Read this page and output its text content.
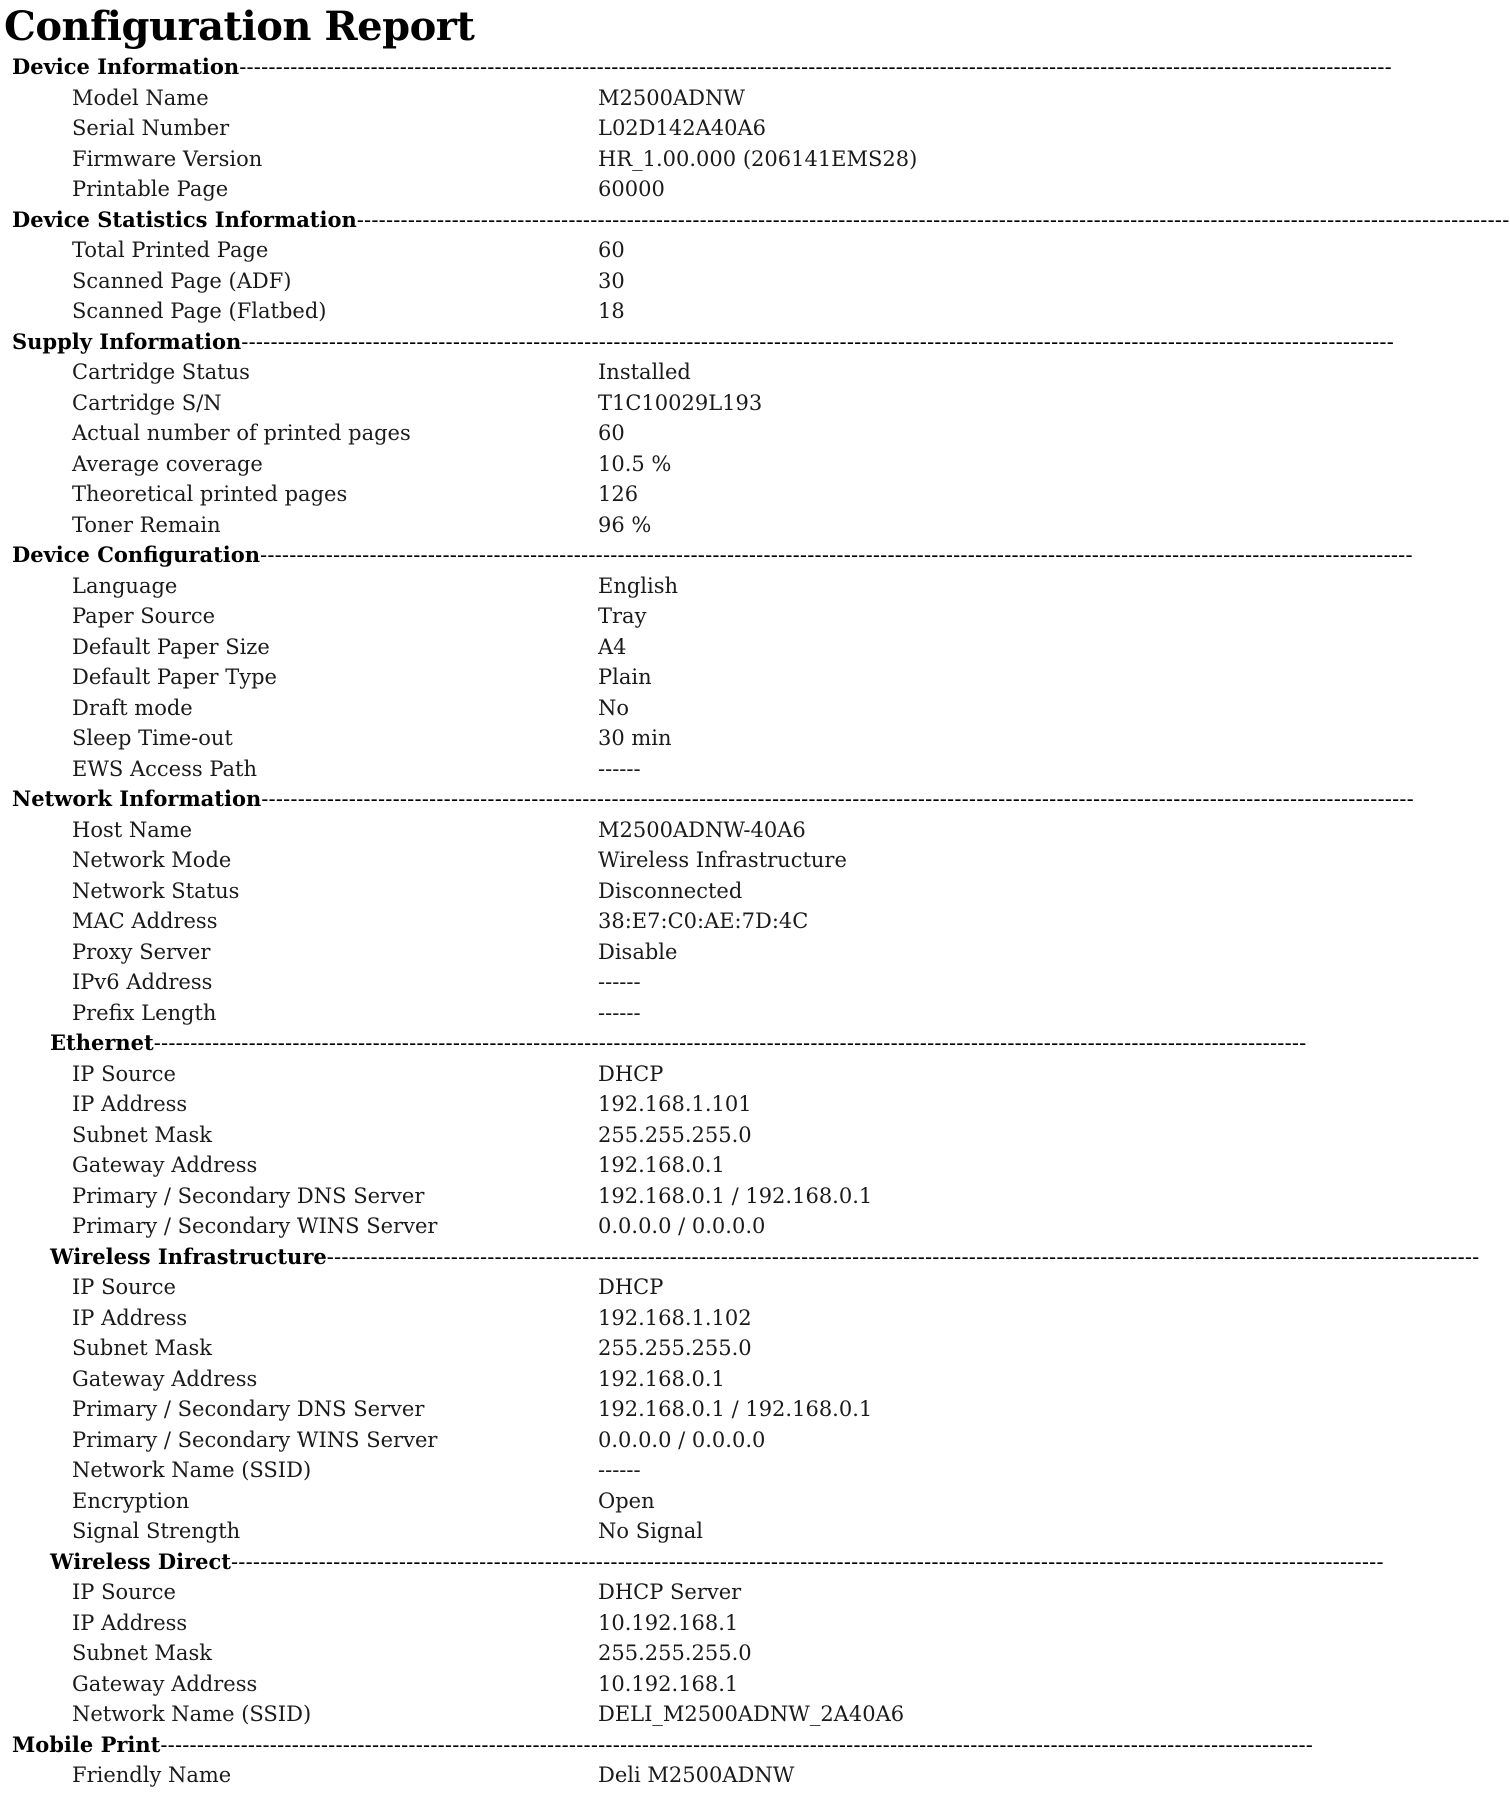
Configuration Report
Device Information--------------------------------------------------------------------------------------------------------------------------------------------------------------
Model Name	M2500ADNW
Serial Number	L02D142A40A6
Firmware Version	HR_1.00.000 (206141EMS28)
Printable Page	60000
Device Statistics Information--------------------------------------------------------------------------------------------------------------------------------------------------------------
Total Printed Page	60
Scanned Page (ADF)	30
Scanned Page (Flatbed)	18
Supply Information--------------------------------------------------------------------------------------------------------------------------------------------------------------
Cartridge Status	Installed
Cartridge S/N	T1C10029L193
Actual number of printed pages	60
Average coverage	10.5 %
Theoretical printed pages	126
Toner Remain	96 %
Device Configuration--------------------------------------------------------------------------------------------------------------------------------------------------------------
Language	English
Paper Source	Tray
Default Paper Size	A4
Default Paper Type	Plain
Draft mode	No
Sleep Time-out	30 min
EWS Access Path	------
Network Information--------------------------------------------------------------------------------------------------------------------------------------------------------------
Host Name	M2500ADNW-40A6
Network Mode	Wireless Infrastructure
Network Status	Disconnected
MAC Address	38:E7:C0:AE:7D:4C
Proxy Server	Disable
IPv6 Address	------
Prefix Length	------
Ethernet--------------------------------------------------------------------------------------------------------------------------------------------------------------
IP Source	DHCP
IP Address	192.168.1.101
Subnet Mask	255.255.255.0
Gateway Address	192.168.0.1
Primary / Secondary DNS Server	192.168.0.1 / 192.168.0.1
Primary / Secondary WINS Server	0.0.0.0 / 0.0.0.0
Wireless Infrastructure--------------------------------------------------------------------------------------------------------------------------------------------------------------
IP Source	DHCP
IP Address	192.168.1.102
Subnet Mask	255.255.255.0
Gateway Address	192.168.0.1
Primary / Secondary DNS Server	192.168.0.1 / 192.168.0.1
Primary / Secondary WINS Server	0.0.0.0 / 0.0.0.0
Network Name (SSID)	------
Encryption	Open
Signal Strength	No Signal
Wireless Direct--------------------------------------------------------------------------------------------------------------------------------------------------------------
IP Source	DHCP Server
IP Address	10.192.168.1
Subnet Mask	255.255.255.0
Gateway Address	10.192.168.1
Network Name (SSID)	DELI_M2500ADNW_2A40A6
Mobile Print--------------------------------------------------------------------------------------------------------------------------------------------------------------
Friendly Name	Deli M2500ADNW
